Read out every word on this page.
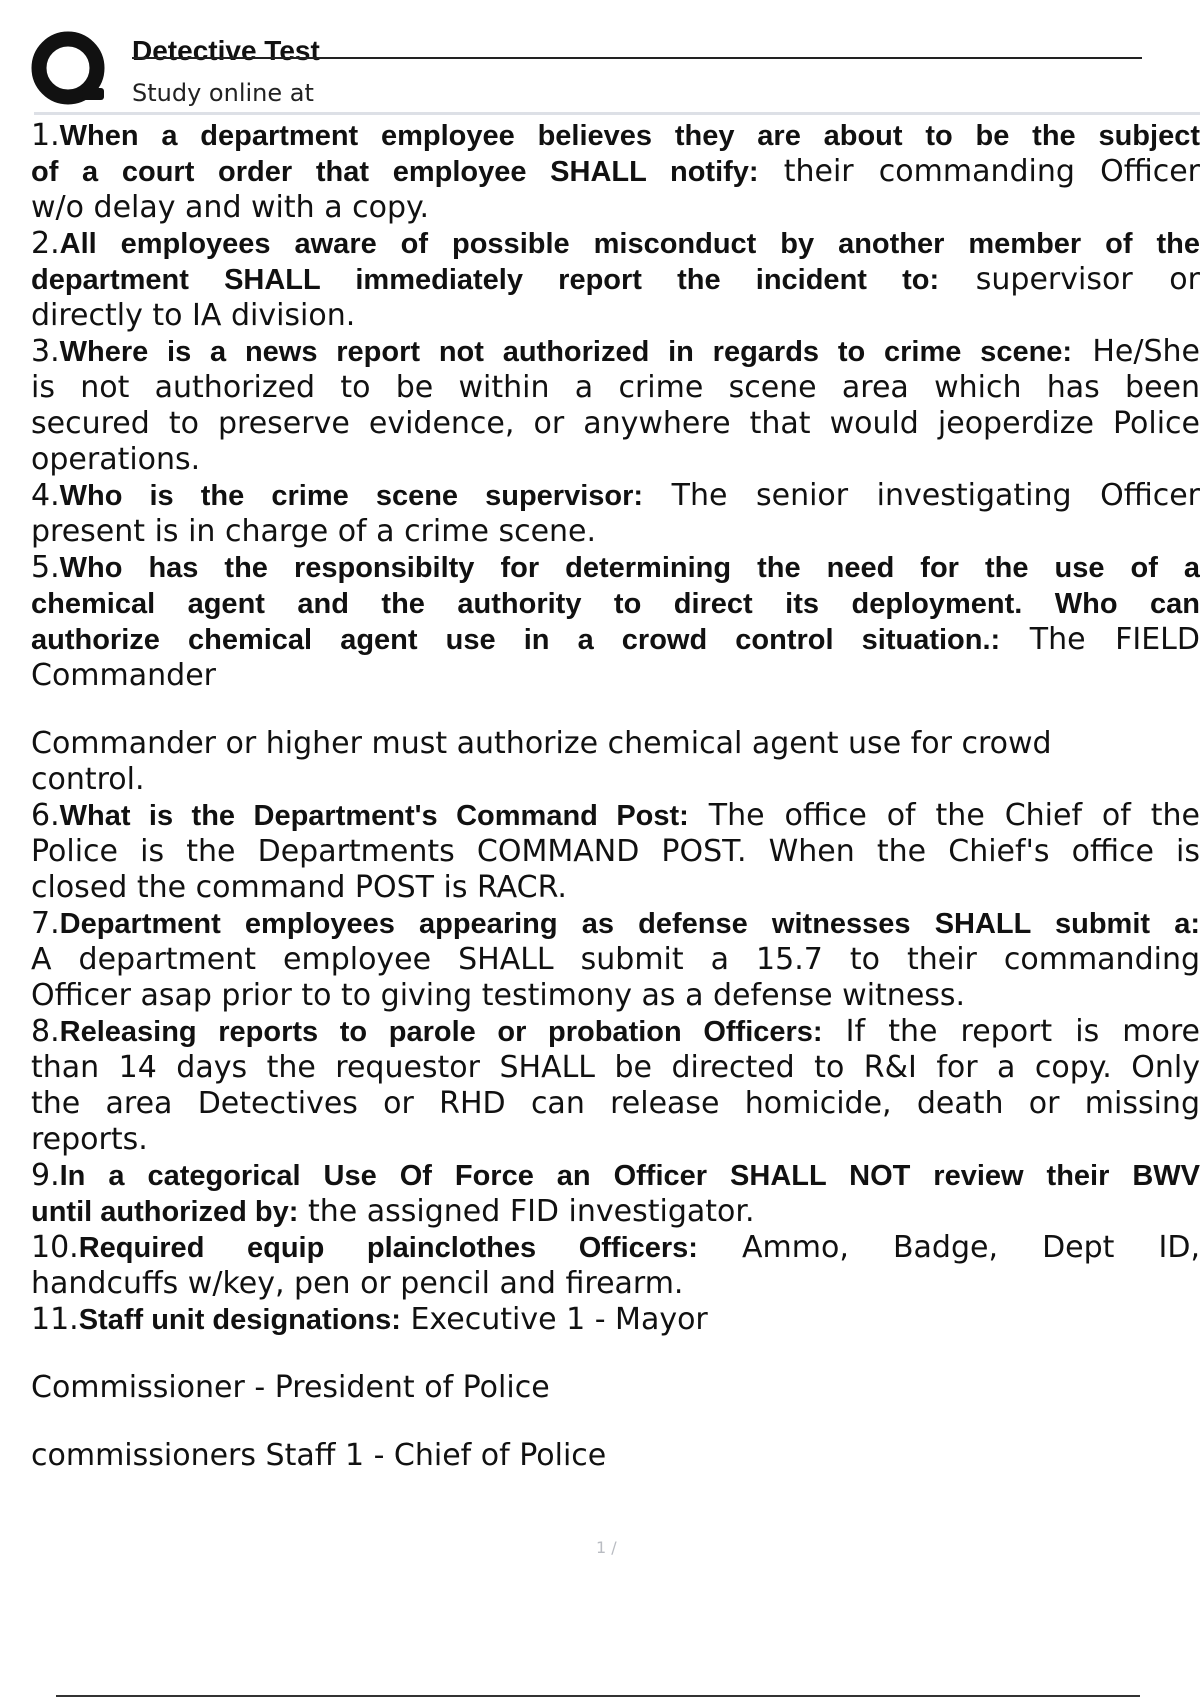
Detective Test
Study online at
1.When a department employee believes they are about to be the subject
of a court order that employee SHALL notify: their commanding Officer
w/o delay and with a copy.
2.All employees aware of possible misconduct by another member of the
department SHALL immediately report the incident to: supervisor or
directly to IA division.
3.Where is a news report not authorized in regards to crime scene: He/She
is not authorized to be within a crime scene area which has been
secured to preserve evidence, or anywhere that would jeoperdize Police
operations.
4.Who is the crime scene supervisor: The senior investigating Officer
present is in charge of a crime scene.
5.Who has the responsibilty for determining the need for the use of a
chemical agent and the authority to direct its deployment. Who can
authorize chemical agent use in a crowd control situation.: The FIELD
Commander
Commander or higher must authorize chemical agent use for crowd
control.
6.What is the Department's Command Post: The office of the Chief of the
Police is the Departments COMMAND POST. When the Chief's office is
closed the command POST is RACR.
7.Department employees appearing as defense witnesses SHALL submit a:
A department employee SHALL submit a 15.7 to their commanding
Officer asap prior to to giving testimony as a defense witness.
8.Releasing reports to parole or probation Officers: If the report is more
than 14 days the requestor SHALL be directed to R&I for a copy. Only
the area Detectives or RHD can release homicide, death or missing
reports.
9.In a categorical Use Of Force an Officer SHALL NOT review their BWV
until authorized by: the assigned FID investigator.
10.Required equip plainclothes Officers: Ammo, Badge, Dept ID,
handcuffs w/key, pen or pencil and firearm.
11.Staff unit designations: Executive 1 - Mayor
Commissioner - President of Police
commissioners Staff 1 - Chief of Police
1 /
